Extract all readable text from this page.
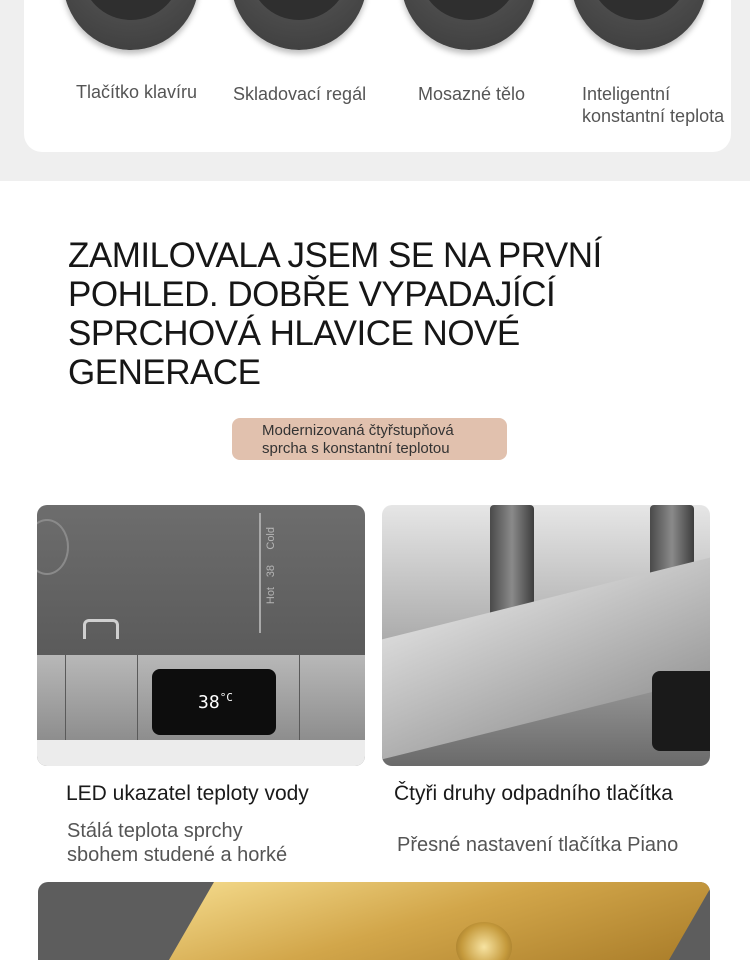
Tlačítko klavíru Skladovací regál	Mosazné tělo	Inteligentní
konstantní teplota
ZAMILOVALA JSEM SE NA PRVNÍ
POHLED. DOBŘE VYPADAJÍCÍ
SPRCHOVÁ HLAVICE NOVÉ GENERACE
Modernizovaná čtyřstupňová
sprcha s konstantní teplotou
Cold
38
Hot
$38^{^\circ C}$
LED ukazatel teploty vody
Stálá teplota sprchy
sbohem studené a horké
Čtyři druhy odpadního tlačítka
Přesné nastavení tlačítka Piano
